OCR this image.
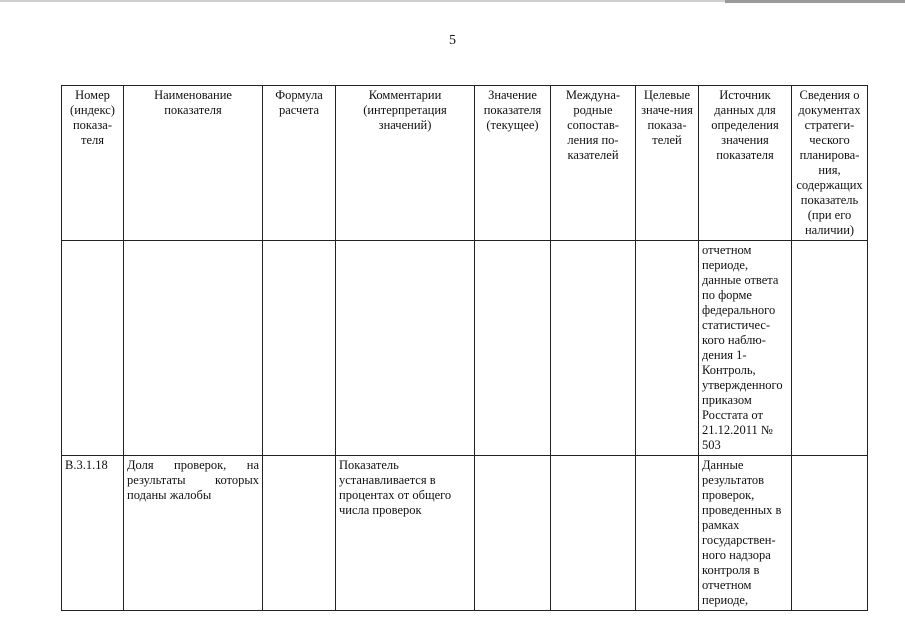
5
Номер (индекс) показа-теля	Наименование показателя	Формула расчета	Комментарии (интерпретация значений)	Значение показателя (текущее)	Междуна-родные сопостав-ления по-казателей	Целевые значе-ния показа-телей	Источник данных для определения значения показателя	Сведения о документах стратеги-ческого планирова-ния, содержащих показатель (при его наличии)
							отчетном периоде, данные ответа по форме федерального статистичес-кого наблю-дения 1-Контроль, утвержденного приказом Росстата от 21.12.2011 № 503	
B.3.1.18	Доля проверок, на результаты которых поданы жалобы		Показатель устанавливается в процентах от общего числа проверок				Данные результатов проверок, проведенных в рамках государствен-ного надзора контроля в отчетном периоде,	
